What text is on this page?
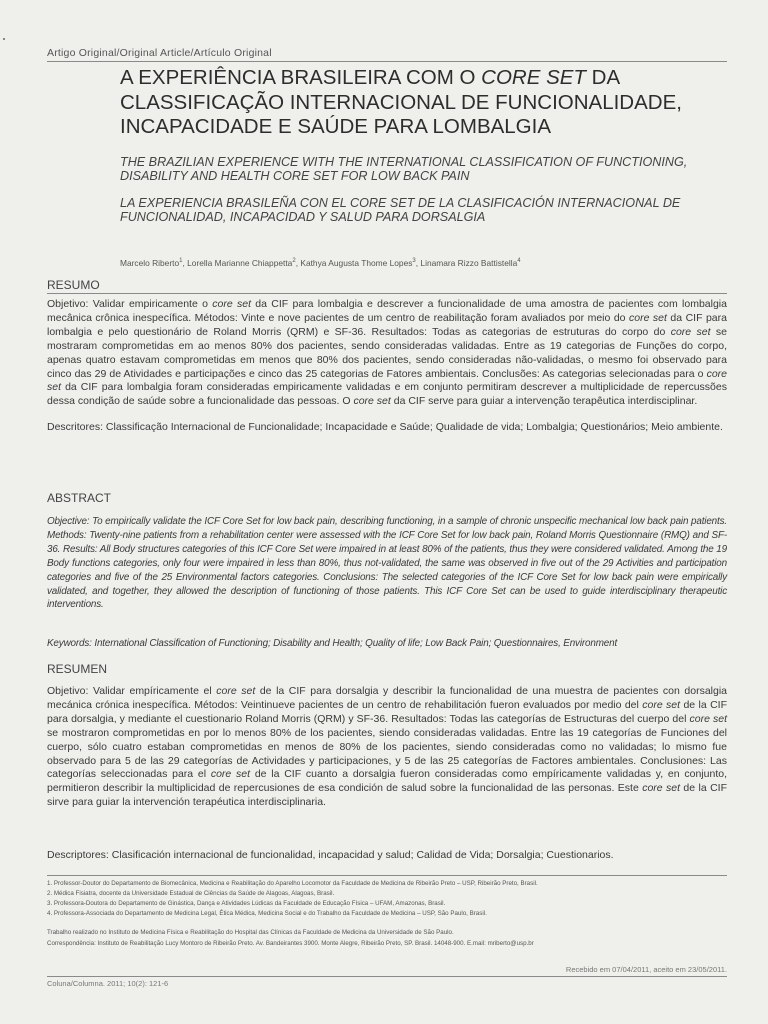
Artigo Original/Original Article/Artículo Original
A EXPERIÊNCIA BRASILEIRA COM O CORE SET DA CLASSIFICAÇÃO INTERNACIONAL DE FUNCIONALIDADE, INCAPACIDADE E SAÚDE PARA LOMBALGIA
THE BRAZILIAN EXPERIENCE WITH THE INTERNATIONAL CLASSIFICATION OF FUNCTIONING, DISABILITY AND HEALTH CORE SET FOR LOW BACK PAIN
LA EXPERIENCIA BRASILEÑA CON EL CORE SET DE LA CLASIFICACIÓN INTERNACIONAL DE FUNCIONALIDAD, INCAPACIDAD Y SALUD PARA DORSALGIA
Marcelo Riberto$^1$, Lorella Marianne Chiappetta$^2$, Kathya Augusta Thome Lopes$^3$, Linamara Rizzo Battistella$^4$
RESUMO
Objetivo: Validar empiricamente o core set da CIF para lombalgia e descrever a funcionalidade de uma amostra de pacientes com lombalgia mecânica crônica inespecífica. Métodos: Vinte e nove pacientes de um centro de reabilitação foram avaliados por meio do core set da CIF para lombalgia e pelo questionário de Roland Morris (QRM) e SF-36. Resultados: Todas as categorias de estruturas do corpo do core set se mostraram comprometidas em ao menos 80% dos pacientes, sendo consideradas validadas. Entre as 19 categorias de Funções do corpo, apenas quatro estavam comprometidas em menos que 80% dos pacientes, sendo consideradas não-validadas, o mesmo foi observado para cinco das 29 de Atividades e participações e cinco das 25 categorias de Fatores ambientais. Conclusões: As categorias selecionadas para o core set da CIF para lombalgia foram consideradas empiricamente validadas e em conjunto permitiram descrever a multiplicidade de repercussões dessa condição de saúde sobre a funcionalidade das pessoas. O core set da CIF serve para guiar a intervenção terapêutica interdisciplinar.
Descritores: Classificação Internacional de Funcionalidade; Incapacidade e Saúde; Qualidade de vida; Lombalgia; Questionários; Meio ambiente.
ABSTRACT
Objective: To empirically validate the ICF Core Set for low back pain, describing functioning, in a sample of chronic unspecific mechanical low back pain patients. Methods: Twenty-nine patients from a rehabilitation center were assessed with the ICF Core Set for low back pain, Roland Morris Questionnaire (RMQ) and SF-36. Results: All Body structures categories of this ICF Core Set were impaired in at least 80% of the patients, thus they were considered validated. Among the 19 Body functions categories, only four were impaired in less than 80%, thus not-validated, the same was observed in five out of the 29 Activities and participation categories and five of the 25 Environmental factors categories. Conclusions: The selected categories of the ICF Core Set for low back pain were empirically validated, and together, they allowed the description of functioning of those patients. This ICF Core Set can be used to guide interdisciplinary therapeutic interventions.
Keywords: International Classification of Functioning; Disability and Health; Quality of life; Low Back Pain; Questionnaires, Environment
RESUMEN
Objetivo: Validar empíricamente el core set de la CIF para dorsalgia y describir la funcionalidad de una muestra de pacientes con dorsalgia mecánica crónica inespecífica. Métodos: Veintinueve pacientes de un centro de rehabilitación fueron evaluados por medio del core set de la CIF para dorsalgia, y mediante el cuestionario Roland Morris (QRM) y SF-36. Resultados: Todas las categorías de Estructuras del cuerpo del core set se mostraron comprometidas en por lo menos 80% de los pacientes, siendo consideradas validadas. Entre las 19 categorías de Funciones del cuerpo, sólo cuatro estaban comprometidas en menos de 80% de los pacientes, siendo consideradas como no validadas; lo mismo fue observado para 5 de las 29 categorías de Actividades y participaciones, y 5 de las 25 categorías de Factores ambientales. Conclusiones: Las categorías seleccionadas para el core set de la CIF cuanto a dorsalgia fueron consideradas como empíricamente validadas y, en conjunto, permitieron describir la multiplicidad de repercusiones de esa condición de salud sobre la funcionalidad de las personas. Este core set de la CIF sirve para guiar la intervención terapéutica interdisciplinaria.
Descriptores: Clasificación internacional de funcionalidad, incapacidad y salud; Calidad de Vida; Dorsalgia; Cuestionarios.
1. Professor-Doutor do Departamento de Biomecânica, Medicina e Reabilitação do Aparelho Locomotor da Faculdade de Medicina de Ribeirão Preto – USP, Ribeirão Preto, Brasil.
2. Médica Fisiatra, docente da Universidade Estadual de Ciências da Saúde de Alagoas, Alagoas, Brasil.
3. Professora-Doutora do Departamento de Ginástica, Dança e Atividades Lúdicas da Faculdade de Educação Física – UFAM, Amazonas, Brasil.
4. Professora-Associada do Departamento de Medicina Legal, Ética Médica, Medicina Social e do Trabalho da Faculdade de Medicina – USP, São Paulo, Brasil.
Trabalho realizado no Instituto de Medicina Física e Reabilitação do Hospital das Clínicas da Faculdade de Medicina da Universidade de São Paulo.
Correspondência: Instituto de Reabilitação Lucy Montoro de Ribeirão Preto. Av. Bandeirantes 3900. Monte Alegre, Ribeirão Preto, SP. Brasil. 14048-900. E.mail: mriberto@usp.br
Recebido em 07/04/2011, aceito em 23/05/2011.
Coluna/Columna. 2011; 10(2): 121-6
